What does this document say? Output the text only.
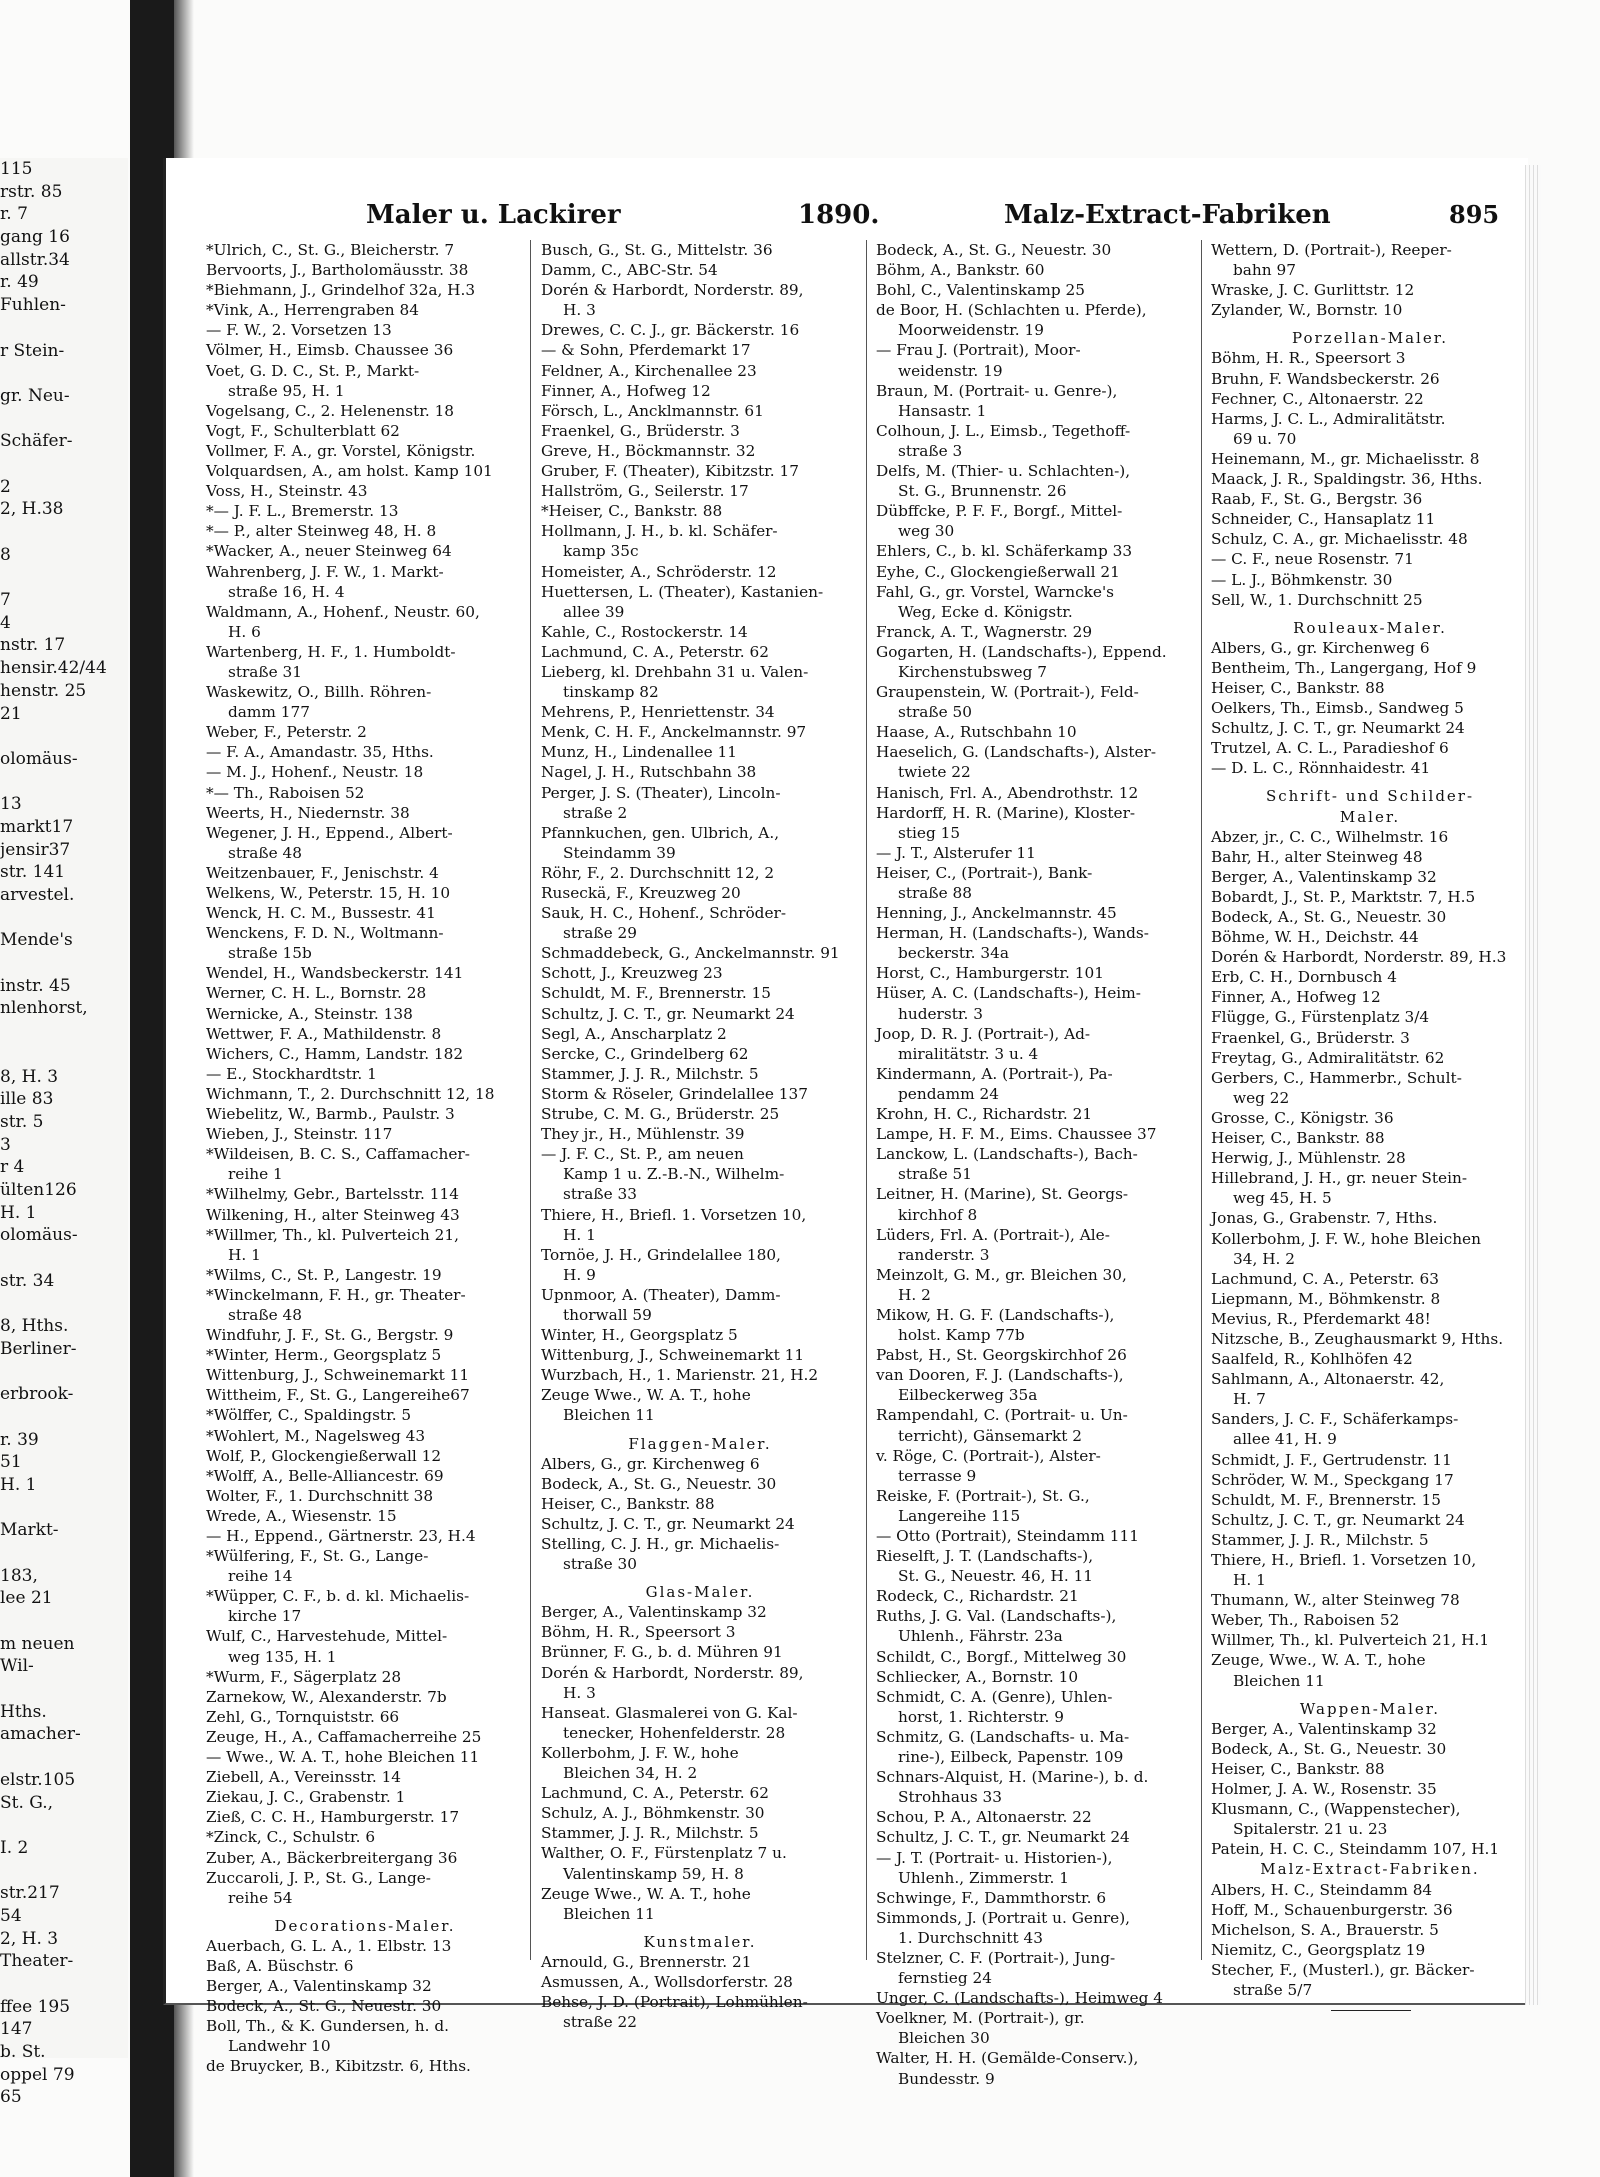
115
rstr. 85
r. 7
gang 16
allstr.34
r. 49
Fuhlen-
r Stein-
gr. Neu-
Schäfer-
2
2, H.38
8
7
4
nstr. 17
hensir.42/44
henstr. 25
21
olomäus-
13
markt17
jensir37
str. 141
arvestel.
Mende's
instr. 45
nlenhorst,
8, H. 3
ille 83
str. 5
3
r 4
ülten126
H. 1
olomäus-
str. 34
8, Hths.
Berliner-
erbrook-
r. 39
51
H. 1
Markt-
183,
lee 21
m neuen
Wil-
Hths.
amacher-
elstr.105
St. G.,
I. 2
str.217
54
2, H. 3
Theater-
ffee 195
147
b. St.
oppel 79
65
Maler u. Lackirer	1890.	Malz-Extract-Fabriken	895
*Ulrich, C., St. G., Bleicherstr. 7
Bervoorts, J., Bartholomäusstr. 38
*Biehmann, J., Grindelhof 32a, H.3
*Vink, A., Herrengraben 84
— F. W., 2. Vorsetzen 13
Völmer, H., Eimsb. Chaussee 36
Voet, G. D. C., St. P., Markt-
straße 95, H. 1
Vogelsang, C., 2. Helenenstr. 18
Vogt, F., Schulterblatt 62
Vollmer, F. A., gr. Vorstel, Königstr.
Volquardsen, A., am holst. Kamp 101
Voss, H., Steinstr. 43
*— J. F. L., Bremerstr. 13
*— P., alter Steinweg 48, H. 8
*Wacker, A., neuer Steinweg 64
Wahrenberg, J. F. W., 1. Markt-
straße 16, H. 4
Waldmann, A., Hohenf., Neustr. 60,
H. 6
Wartenberg, H. F., 1. Humboldt-
straße 31
Waskewitz, O., Billh. Röhren-
damm 177
Weber, F., Peterstr. 2
— F. A., Amandastr. 35, Hths.
— M. J., Hohenf., Neustr. 18
*— Th., Raboisen 52
Weerts, H., Niedernstr. 38
Wegener, J. H., Eppend., Albert-
straße 48
Weitzenbauer, F., Jenischstr. 4
Welkens, W., Peterstr. 15, H. 10
Wenck, H. C. M., Bussestr. 41
Wenckens, F. D. N., Woltmann-
straße 15b
Wendel, H., Wandsbeckerstr. 141
Werner, C. H. L., Bornstr. 28
Wernicke, A., Steinstr. 138
Wettwer, F. A., Mathildenstr. 8
Wichers, C., Hamm, Landstr. 182
— E., Stockhardtstr. 1
Wichmann, T., 2. Durchschnitt 12, 18
Wiebelitz, W., Barmb., Paulstr. 3
Wieben, J., Steinstr. 117
*Wildeisen, B. C. S., Caffamacher-
reihe 1
*Wilhelmy, Gebr., Bartelsstr. 114
Wilkening, H., alter Steinweg 43
*Willmer, Th., kl. Pulverteich 21,
H. 1
*Wilms, C., St. P., Langestr. 19
*Winckelmann, F. H., gr. Theater-
straße 48
Windfuhr, J. F., St. G., Bergstr. 9
*Winter, Herm., Georgsplatz 5
Wittenburg, J., Schweinemarkt 11
Wittheim, F., St. G., Langereihe67
*Wölffer, C., Spaldingstr. 5
*Wohlert, M., Nagelsweg 43
Wolf, P., Glockengießerwall 12
*Wolff, A., Belle-Alliancestr. 69
Wolter, F., 1. Durchschnitt 38
Wrede, A., Wiesenstr. 15
— H., Eppend., Gärtnerstr. 23, H.4
*Wülfering, F., St. G., Lange-
reihe 14
*Wüpper, C. F., b. d. kl. Michaelis-
kirche 17
Wulf, C., Harvestehude, Mittel-
weg 135, H. 1
*Wurm, F., Sägerplatz 28
Zarnekow, W., Alexanderstr. 7b
Zehl, G., Tornquiststr. 66
Zeuge, H., A., Caffamacherreihe 25
— Wwe., W. A. T., hohe Bleichen 11
Ziebell, A., Vereinsstr. 14
Ziekau, J. C., Grabenstr. 1
Zieß, C. C. H., Hamburgerstr. 17
*Zinck, C., Schulstr. 6
Zuber, A., Bäckerbreitergang 36
Zuccaroli, J. P., St. G., Lange-
reihe 54
Decorations-Maler.
Auerbach, G. L. A., 1. Elbstr. 13
Baß, A. Büschstr. 6
Berger, A., Valentinskamp 32
Bodeck, A., St. G., Neuestr. 30
Boll, Th., & K. Gundersen, h. d.
Landwehr 10
de Bruycker, B., Kibitzstr. 6, Hths.
Busch, G., St. G., Mittelstr. 36
Damm, C., ABC-Str. 54
Dorén & Harbordt, Norderstr. 89,
H. 3
Drewes, C. C. J., gr. Bäckerstr. 16
— & Sohn, Pferdemarkt 17
Feldner, A., Kirchenallee 23
Finner, A., Hofweg 12
Försch, L., Ancklmannstr. 61
Fraenkel, G., Brüderstr. 3
Greve, H., Böckmannstr. 32
Gruber, F. (Theater), Kibitzstr. 17
Hallström, G., Seilerstr. 17
*Heiser, C., Bankstr. 88
Hollmann, J. H., b. kl. Schäfer-
kamp 35c
Homeister, A., Schröderstr. 12
Huettersen, L. (Theater), Kastanien-
allee 39
Kahle, C., Rostockerstr. 14
Lachmund, C. A., Peterstr. 62
Lieberg, kl. Drehbahn 31 u. Valen-
tinskamp 82
Mehrens, P., Henriettenstr. 34
Menk, C. H. F., Anckelmannstr. 97
Munz, H., Lindenallee 11
Nagel, J. H., Rutschbahn 38
Perger, J. S. (Theater), Lincoln-
straße 2
Pfannkuchen, gen. Ulbrich, A.,
Steindamm 39
Röhr, F., 2. Durchschnitt 12, 2
Ruseckä, F., Kreuzweg 20
Sauk, H. C., Hohenf., Schröder-
straße 29
Schmaddebeck, G., Anckelmannstr. 91
Schott, J., Kreuzweg 23
Schuldt, M. F., Brennerstr. 15
Schultz, J. C. T., gr. Neumarkt 24
Segl, A., Anscharplatz 2
Sercke, C., Grindelberg 62
Stammer, J. J. R., Milchstr. 5
Storm & Röseler, Grindelallee 137
Strube, C. M. G., Brüderstr. 25
They jr., H., Mühlenstr. 39
— J. F. C., St. P., am neuen
Kamp 1 u. Z.-B.-N., Wilhelm-
straße 33
Thiere, H., Briefl. 1. Vorsetzen 10,
H. 1
Tornöe, J. H., Grindelallee 180,
H. 9
Upnmoor, A. (Theater), Damm-
thorwall 59
Winter, H., Georgsplatz 5
Wittenburg, J., Schweinemarkt 11
Wurzbach, H., 1. Marienstr. 21, H.2
Zeuge Wwe., W. A. T., hohe
Bleichen 11
Flaggen-Maler.
Albers, G., gr. Kirchenweg 6
Bodeck, A., St. G., Neuestr. 30
Heiser, C., Bankstr. 88
Schultz, J. C. T., gr. Neumarkt 24
Stelling, C. J. H., gr. Michaelis-
straße 30
Glas-Maler.
Berger, A., Valentinskamp 32
Böhm, H. R., Speersort 3
Brünner, F. G., b. d. Mühren 91
Dorén & Harbordt, Norderstr. 89,
H. 3
Hanseat. Glasmalerei von G. Kal-
tenecker, Hohenfelderstr. 28
Kollerbohm, J. F. W., hohe
Bleichen 34, H. 2
Lachmund, C. A., Peterstr. 62
Schulz, A. J., Böhmkenstr. 30
Stammer, J. J. R., Milchstr. 5
Walther, O. F., Fürstenplatz 7 u.
Valentinskamp 59, H. 8
Zeuge Wwe., W. A. T., hohe
Bleichen 11
Kunstmaler.
Arnould, G., Brennerstr. 21
Asmussen, A., Wollsdorferstr. 28
Behse, J. D. (Portrait), Lohmühlen-
straße 22
Bodeck, A., St. G., Neuestr. 30
Böhm, A., Bankstr. 60
Bohl, C., Valentinskamp 25
de Boor, H. (Schlachten u. Pferde),
Moorweidenstr. 19
— Frau J. (Portrait), Moor-
weidenstr. 19
Braun, M. (Portrait- u. Genre-),
Hansastr. 1
Colhoun, J. L., Eimsb., Tegethoff-
straße 3
Delfs, M. (Thier- u. Schlachten-),
St. G., Brunnenstr. 26
Dübffcke, P. F. F., Borgf., Mittel-
weg 30
Ehlers, C., b. kl. Schäferkamp 33
Eyhe, C., Glockengießerwall 21
Fahl, G., gr. Vorstel, Warncke's
Weg, Ecke d. Königstr.
Franck, A. T., Wagnerstr. 29
Gogarten, H. (Landschafts-), Eppend.
Kirchenstubsweg 7
Graupenstein, W. (Portrait-), Feld-
straße 50
Haase, A., Rutschbahn 10
Haeselich, G. (Landschafts-), Alster-
twiete 22
Hanisch, Frl. A., Abendrothstr. 12
Hardorff, H. R. (Marine), Kloster-
stieg 15
— J. T., Alsterufer 11
Heiser, C., (Portrait-), Bank-
straße 88
Henning, J., Anckelmannstr. 45
Herman, H. (Landschafts-), Wands-
beckerstr. 34a
Horst, C., Hamburgerstr. 101
Hüser, A. C. (Landschafts-), Heim-
huderstr. 3
Joop, D. R. J. (Portrait-), Ad-
miralitätstr. 3 u. 4
Kindermann, A. (Portrait-), Pa-
pendamm 24
Krohn, H. C., Richardstr. 21
Lampe, H. F. M., Eims. Chaussee 37
Lanckow, L. (Landschafts-), Bach-
straße 51
Leitner, H. (Marine), St. Georgs-
kirchhof 8
Lüders, Frl. A. (Portrait-), Ale-
randerstr. 3
Meinzolt, G. M., gr. Bleichen 30,
H. 2
Mikow, H. G. F. (Landschafts-),
holst. Kamp 77b
Pabst, H., St. Georgskirchhof 26
van Dooren, F. J. (Landschafts-),
Eilbeckerweg 35a
Rampendahl, C. (Portrait- u. Un-
terricht), Gänsemarkt 2
v. Röge, C. (Portrait-), Alster-
terrasse 9
Reiske, F. (Portrait-), St. G.,
Langereihe 115
— Otto (Portrait), Steindamm 111
Rieselft, J. T. (Landschafts-),
St. G., Neuestr. 46, H. 11
Rodeck, C., Richardstr. 21
Ruths, J. G. Val. (Landschafts-),
Uhlenh., Fährstr. 23a
Schildt, C., Borgf., Mittelweg 30
Schliecker, A., Bornstr. 10
Schmidt, C. A. (Genre), Uhlen-
horst, 1. Richterstr. 9
Schmitz, G. (Landschafts- u. Ma-
rine-), Eilbeck, Papenstr. 109
Schnars-Alquist, H. (Marine-), b. d.
Strohhaus 33
Schou, P. A., Altonaerstr. 22
Schultz, J. C. T., gr. Neumarkt 24
— J. T. (Portrait- u. Historien-),
Uhlenh., Zimmerstr. 1
Schwinge, F., Dammthorstr. 6
Simmonds, J. (Portrait u. Genre),
1. Durchschnitt 43
Stelzner, C. F. (Portrait-), Jung-
fernstieg 24
Unger, C. (Landschafts-), Heimweg 4
Voelkner, M. (Portrait-), gr.
Bleichen 30
Walter, H. H. (Gemälde-Conserv.),
Bundesstr. 9
Wettern, D. (Portrait-), Reeper-
bahn 97
Wraske, J. C. Gurlittstr. 12
Zylander, W., Bornstr. 10
Porzellan-Maler.
Böhm, H. R., Speersort 3
Bruhn, F. Wandsbeckerstr. 26
Fechner, C., Altonaerstr. 22
Harms, J. C. L., Admiralitätstr.
69 u. 70
Heinemann, M., gr. Michaelisstr. 8
Maack, J. R., Spaldingstr. 36, Hths.
Raab, F., St. G., Bergstr. 36
Schneider, C., Hansaplatz 11
Schulz, C. A., gr. Michaelisstr. 48
— C. F., neue Rosenstr. 71
— L. J., Böhmkenstr. 30
Sell, W., 1. Durchschnitt 25
Rouleaux-Maler.
Albers, G., gr. Kirchenweg 6
Bentheim, Th., Langergang, Hof 9
Heiser, C., Bankstr. 88
Oelkers, Th., Eimsb., Sandweg 5
Schultz, J. C. T., gr. Neumarkt 24
Trutzel, A. C. L., Paradieshof 6
— D. L. C., Rönnhaidestr. 41
Schrift- und Schilder-
Maler.
Abzer, jr., C. C., Wilhelmstr. 16
Bahr, H., alter Steinweg 48
Berger, A., Valentinskamp 32
Bobardt, J., St. P., Marktstr. 7, H.5
Bodeck, A., St. G., Neuestr. 30
Böhme, W. H., Deichstr. 44
Dorén & Harbordt, Norderstr. 89, H.3
Erb, C. H., Dornbusch 4
Finner, A., Hofweg 12
Flügge, G., Fürstenplatz 3/4
Fraenkel, G., Brüderstr. 3
Freytag, G., Admiralitätstr. 62
Gerbers, C., Hammerbr., Schult-
weg 22
Grosse, C., Königstr. 36
Heiser, C., Bankstr. 88
Herwig, J., Mühlenstr. 28
Hillebrand, J. H., gr. neuer Stein-
weg 45, H. 5
Jonas, G., Grabenstr. 7, Hths.
Kollerbohm, J. F. W., hohe Bleichen
34, H. 2
Lachmund, C. A., Peterstr. 63
Liepmann, M., Böhmkenstr. 8
Mevius, R., Pferdemarkt 48!
Nitzsche, B., Zeughausmarkt 9, Hths.
Saalfeld, R., Kohlhöfen 42
Sahlmann, A., Altonaerstr. 42,
H. 7
Sanders, J. C. F., Schäferkamps-
allee 41, H. 9
Schmidt, J. F., Gertrudenstr. 11
Schröder, W. M., Speckgang 17
Schuldt, M. F., Brennerstr. 15
Schultz, J. C. T., gr. Neumarkt 24
Stammer, J. J. R., Milchstr. 5
Thiere, H., Briefl. 1. Vorsetzen 10,
H. 1
Thumann, W., alter Steinweg 78
Weber, Th., Raboisen 52
Willmer, Th., kl. Pulverteich 21, H.1
Zeuge, Wwe., W. A. T., hohe
Bleichen 11
Wappen-Maler.
Berger, A., Valentinskamp 32
Bodeck, A., St. G., Neuestr. 30
Heiser, C., Bankstr. 88
Holmer, J. A. W., Rosenstr. 35
Klusmann, C., (Wappenstecher),
Spitalerstr. 21 u. 23
Patein, H. C. C., Steindamm 107, H.1
Malz-Extract-Fabriken.
Albers, H. C., Steindamm 84
Hoff, M., Schauenburgerstr. 36
Michelson, S. A., Brauerstr. 5
Niemitz, C., Georgsplatz 19
Stecher, F., (Musterl.), gr. Bäcker-
straße 5/7
